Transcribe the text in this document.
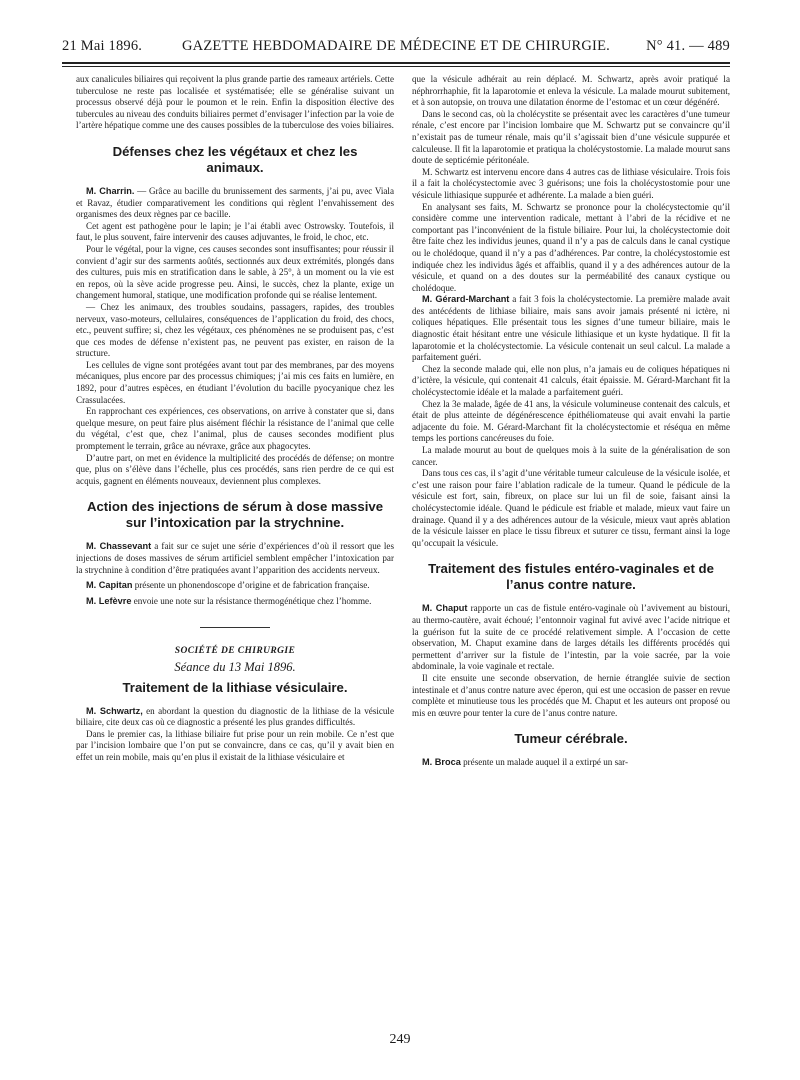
21 Mai 1896.	GAZETTE HEBDOMADAIRE DE MÉDECINE ET DE CHIRURGIE.	N° 41. — 489

aux canalicules biliaires qui reçoivent la plus grande partie des rameaux artériels. Cette tuberculose ne reste pas localisée et systématisée; elle se généralise suivant un processus observé déjà pour le poumon et le rein. Enfin la disposition élective des tubercules au niveau des conduits biliaires permet d’envisager l’infection par la voie de l’artère hépatique comme une des causes possibles de la tuberculose des voies biliaires.

Défenses chez les végétaux et chez les animaux.

M. Charrin. — Grâce au bacille du brunissement des sarments, j’ai pu, avec Viala et Ravaz, étudier comparativement les conditions qui règlent l’envahissement des organismes des deux règnes par ce bacille.

Cet agent est pathogène pour le lapin; je l’ai établi avec Ostrowsky. Toutefois, il faut, le plus souvent, faire intervenir des causes adjuvantes, le froid, le choc, etc.

Pour le végétal, pour la vigne, ces causes secondes sont insuffisantes; pour réussir il convient d’agir sur des sarments aoûtés, sectionnés aux deux extrémités, plongés dans des cultures, puis mis en stratification dans le sable, à 25°, à un moment ou la vie est en repos, où la sève acide progresse peu. Ainsi, le succès, chez la plante, exige un changement humoral, statique, une modification profonde qui se réalise lentement.

— Chez les animaux, des troubles soudains, passagers, rapides, des troubles nerveux, vaso-moteurs, cellulaires, conséquences de l’application du froid, des chocs, etc., peuvent suffire; si, chez les végétaux, ces phénomènes ne se produisent pas, c’est que ces modes de défense n’existent pas, ne peuvent pas exister, en raison de la structure.

Les cellules de vigne sont protégées avant tout par des membranes, par des moyens mécaniques, plus encore par des processus chimiques; j’ai mis ces faits en lumière, en 1892, pour d’autres espèces, en étudiant l’évolution du bacille pyocyanique chez les Crassulacées.

En rapprochant ces expériences, ces observations, on arrive à constater que si, dans quelque mesure, on peut faire plus aisément fléchir la résistance de l’animal que celle du végétal, c’est que, chez l’animal, plus de causes secondes modifient plus promptement le terrain, grâce au névraxe, grâce aux phagocytes.

D’autre part, on met en évidence la multiplicité des procédés de défense; on montre que, plus on s’élève dans l’échelle, plus ces procédés, sans rien perdre de ce qui est acquis, gagnent en éléments nouveaux, deviennent plus complexes.

Action des injections de sérum à dose massive sur l’intoxication par la strychnine.

M. Chassevant a fait sur ce sujet une série d’expériences d’où il ressort que les injections de doses massives de sérum artificiel semblent empêcher l’intoxication par la strychnine à condition d’être pratiquées avant l’apparition des accidents nerveux.

M. Capitan présente un phonendoscope d’origine et de fabrication française.

M. Lefèvre envoie une note sur la résistance thermogénétique chez l’homme.

SOCIÉTÉ DE CHIRURGIE
Séance du 13 Mai 1896.
Traitement de la lithiase vésiculaire.

M. Schwartz, en abordant la question du diagnostic de la lithiase de la vésicule biliaire, cite deux cas où ce diagnostic a présenté les plus grandes difficultés.

Dans le premier cas, la lithiase biliaire fut prise pour un rein mobile. Ce n’est que par l’incision lombaire que l’on put se convaincre, dans ce cas, qu’il y avait bien en effet un rein mobile, mais qu’en plus il existait de la lithiase vésiculaire et

que la vésicule adhérait au rein déplacé. M. Schwartz, après avoir pratiqué la néphrorrhaphie, fit la laparotomie et enleva la vésicule. La malade mourut subitement, et à son autopsie, on trouva une dilatation énorme de l’estomac et un cœur dégénéré.

Dans le second cas, où la cholécystite se présentait avec les caractères d’une tumeur rénale, c’est encore par l’incision lombaire que M. Schwartz put se convaincre qu’il n’existait pas de tumeur rénale, mais qu’il s’agissait bien d’une vésicule suppurée et calculeuse. Il fit la laparotomie et pratiqua la cholécystostomie. La malade mourut sans doute de septicémie péritonéale.

M. Schwartz est intervenu encore dans 4 autres cas de lithiase vésiculaire. Trois fois il a fait la cholécystectomie avec 3 guérisons; une fois la cholécystostomie pour une vésicule lithiasique suppurée et adhérente. La malade a bien guéri.

En analysant ses faits, M. Schwartz se prononce pour la cholécystectomie qu’il considère comme une intervention radicale, mettant à l’abri de la récidive et ne comportant pas l’inconvénient de la fistule biliaire. Pour lui, la cholécystectomie doit être faite chez les individus jeunes, quand il n’y a pas de calculs dans le canal cystique ou le cholédoque, quand il n’y a pas d’adhérences. Par contre, la cholécystostomie est indiquée chez les individus âgés et affaiblis, quand il y a des adhérences autour de la vésicule, et quand on a des doutes sur la perméabilité des canaux cystique ou cholédoque.

M. Gérard-Marchant a fait 3 fois la cholécystectomie. La première malade avait des antécédents de lithiase biliaire, mais sans avoir jamais présenté ni ictère, ni coliques hépatiques. Elle présentait tous les signes d’une tumeur biliaire, mais le diagnostic était hésitant entre une vésicule lithiasique et un kyste hydatique. Il fit la laparotomie et la cholécystectomie. La vésicule contenait un seul calcul. La malade a parfaitement guéri.

Chez la seconde malade qui, elle non plus, n’a jamais eu de coliques hépatiques ni d’ictère, la vésicule, qui contenait 41 calculs, était épaissie. M. Gérard-Marchant fit la cholécystectomie idéale et la malade a parfaitement guéri.

Chez la 3e malade, âgée de 41 ans, la vésicule volumineuse contenait des calculs, et était de plus atteinte de dégénérescence épithéliomateuse qui avait envahi la partie adjacente du foie. M. Gérard-Marchant fit la cholécystectomie et réséqua en même temps les portions cancéreuses du foie.

La malade mourut au bout de quelques mois à la suite de la généralisation de son cancer.

Dans tous ces cas, il s’agit d’une véritable tumeur calculeuse de la vésicule isolée, et c’est une raison pour faire l’ablation radicale de la tumeur. Quand le pédicule de la vésicule est fort, sain, fibreux, on place sur lui un fil de soie, faisant ainsi la cholécystectomie idéale. Quand le pédicule est friable et malade, mieux vaut faire un drainage. Quand il y a des adhérences autour de la vésicule, mieux vaut après ablation de la vésicule laisser en place le tissu fibreux et suturer ce tissu, fermant ainsi la loge qu’occupait la vésicule.

Traitement des fistules entéro-vaginales et de l’anus contre nature.

M. Chaput rapporte un cas de fistule entéro-vaginale où l’avivement au bistouri, au thermo-cautère, avait échoué; l’entonnoir vaginal fut avivé avec l’acide nitrique et la guérison fut la suite de ce procédé relativement simple. A l’occasion de cette observation, M. Chaput examine dans de larges détails les différents procédés qui permettent d’arriver sur la fistule de l’intestin, par la voie sacrée, par la voie abdominale, la voie vaginale et rectale.

Il cite ensuite une seconde observation, de hernie étranglée suivie de section intestinale et d’anus contre nature avec éperon, qui est une occasion de passer en revue complète et minutieuse tous les procédés que M. Chaput et les auteurs ont proposé ou mis en œuvre pour tenter la cure de l’anus contre nature.

Tumeur cérébrale.

M. Broca présente un malade auquel il a extirpé un sar-

249
